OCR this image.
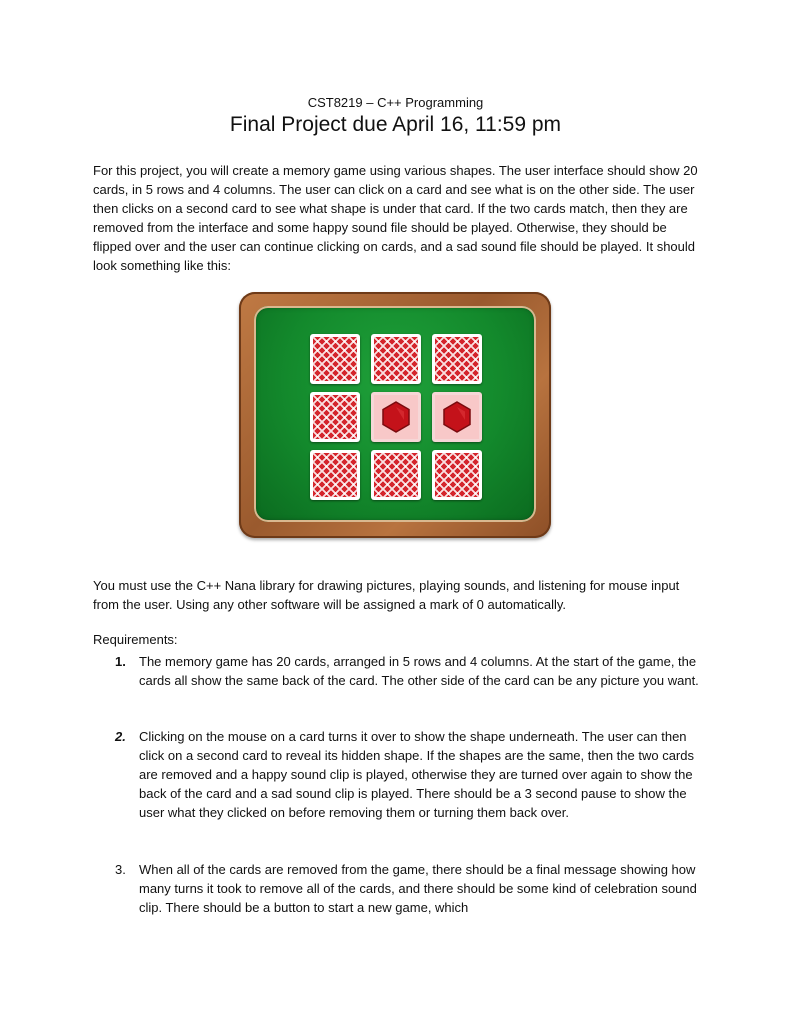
CST8219 – C++ Programming
Final Project due April 16, 11:59 pm

For this project, you will create a memory game using various shapes. The user interface should show 20 cards, in 5 rows and 4 columns. The user can click on a card and see what is on the other side. The user then clicks on a second card to see what shape is under that card. If the two cards match, then they are removed from the interface and some happy sound file should be played. Otherwise, they should be flipped over and the user can continue clicking on cards, and a sad sound file should be played. It should look something like this:

You must use the C++ Nana library for drawing pictures, playing sounds, and listening for mouse input from the user. Using any other software will be assigned a mark of 0 automatically.

Requirements:
1.	The memory game has 20 cards, arranged in 5 rows and 4 columns. At the start of the game, the cards all show the same back of the card. The other side of the card can be any picture you want.
2.	Clicking on the mouse on a card turns it over to show the shape underneath. The user can then click on a second card to reveal its hidden shape. If the shapes are the same, then the two cards are removed and a happy sound clip is played, otherwise they are turned over again to show the back of the card and a sad sound clip is played. There should be a 3 second pause to show the user what they clicked on before removing them or turning them back over.
3.	When all of the cards are removed from the game, there should be a final message showing how many turns it took to remove all of the cards, and there should be some kind of celebration sound clip. There should be a button to start a new game, which
